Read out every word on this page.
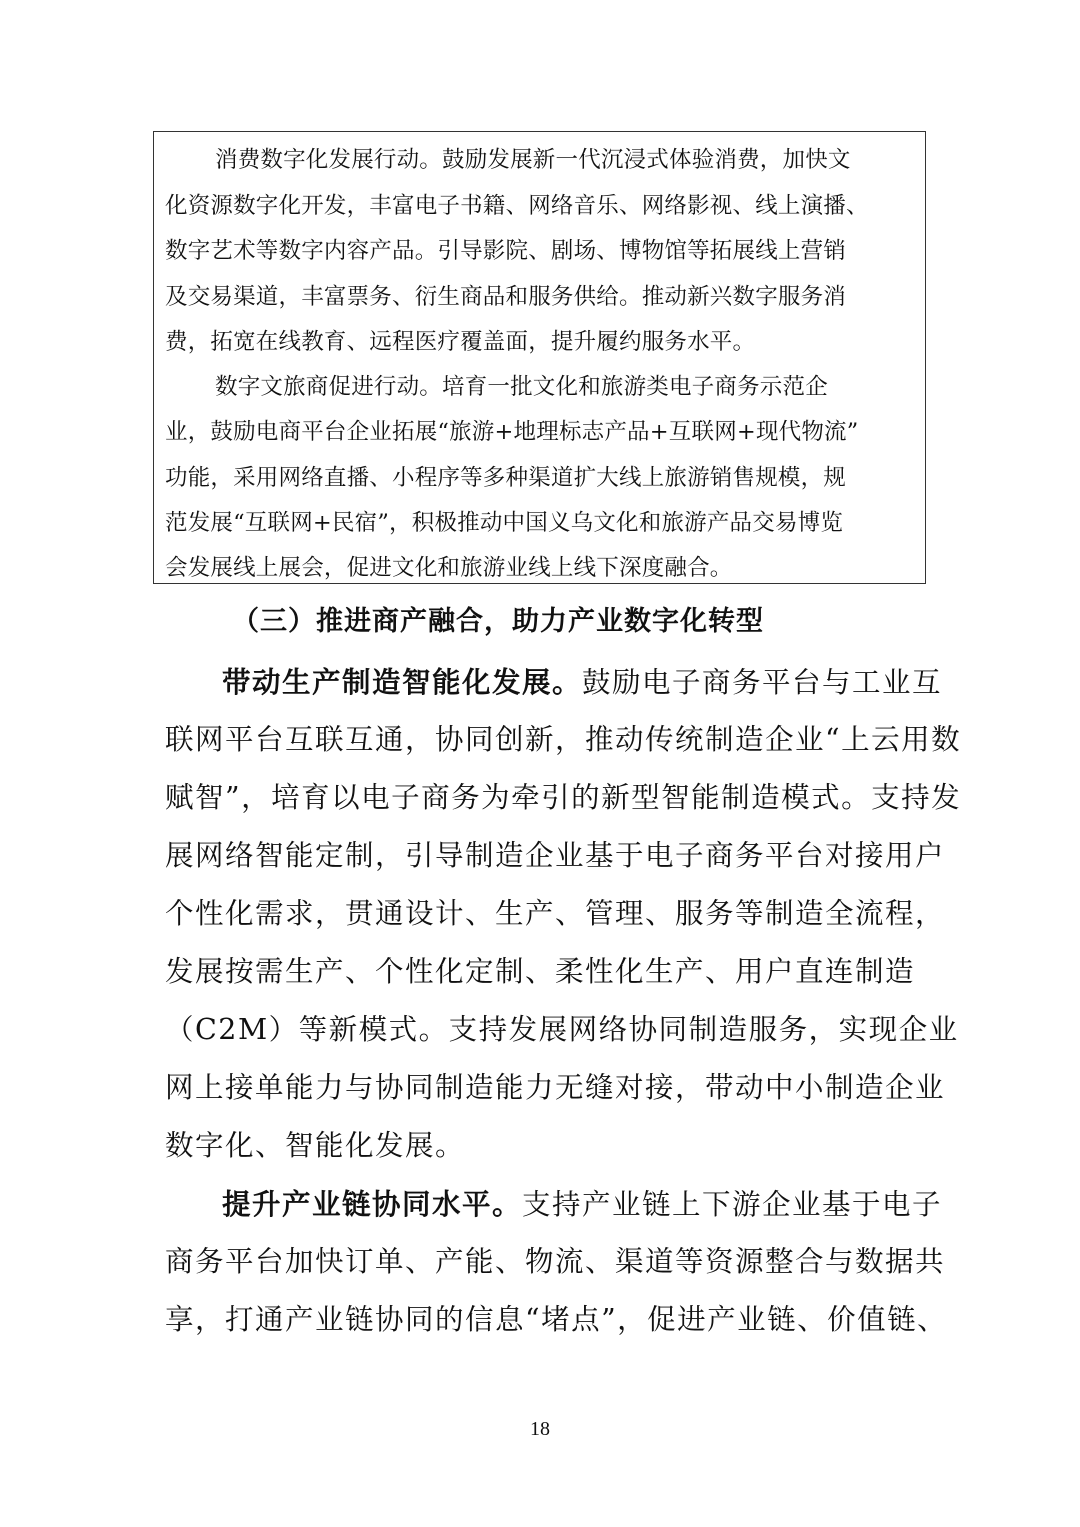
消费数字化发展行动。鼓励发展新一代沉浸式体验消费，加快文
化资源数字化开发，丰富电子书籍、网络音乐、网络影视、线上演播、
数字艺术等数字内容产品。引导影院、剧场、博物馆等拓展线上营销
及交易渠道，丰富票务、衍生商品和服务供给。推动新兴数字服务消
费，拓宽在线教育、远程医疗覆盖面，提升履约服务水平。
数字文旅商促进行动。培育一批文化和旅游类电子商务示范企
业，鼓励电商平台企业拓展“旅游+地理标志产品+互联网+现代物流”
功能，采用网络直播、小程序等多种渠道扩大线上旅游销售规模，规
范发展“互联网+民宿”，积极推动中国义乌文化和旅游产品交易博览
会发展线上展会，促进文化和旅游业线上线下深度融合。
（三）推进商产融合，助力产业数字化转型
带动生产制造智能化发展。鼓励电子商务平台与工业互
联网平台互联互通，协同创新，推动传统制造企业“上云用数
赋智”，培育以电子商务为牵引的新型智能制造模式。支持发
展网络智能定制，引导制造企业基于电子商务平台对接用户
个性化需求，贯通设计、生产、管理、服务等制造全流程，
发展按需生产、个性化定制、柔性化生产、用户直连制造
（C2M）等新模式。支持发展网络协同制造服务，实现企业
网上接单能力与协同制造能力无缝对接，带动中小制造企业
数字化、智能化发展。
提升产业链协同水平。支持产业链上下游企业基于电子
商务平台加快订单、产能、物流、渠道等资源整合与数据共
享，打通产业链协同的信息“堵点”，促进产业链、价值链、
18
